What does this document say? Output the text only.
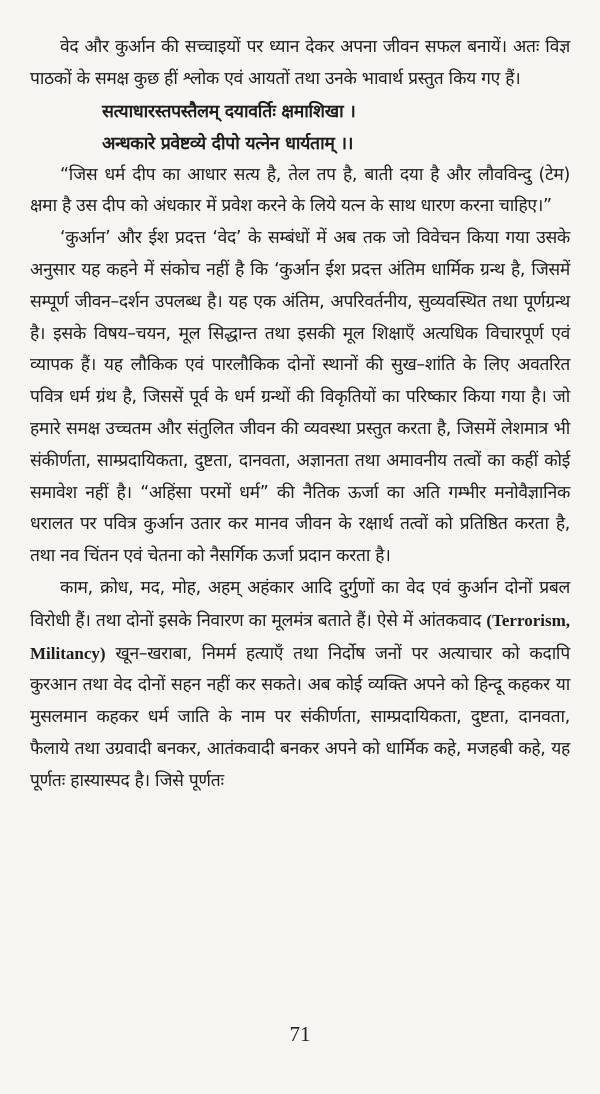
वेद और कुर्आन की सच्चाइयों पर ध्यान देकर अपना जीवन सफल बनायें। अतः विज्ञ पाठकों के समक्ष कुछ हीं श्लोक एवं आयतों तथा उनके भावार्थ प्रस्तुत किय गए हैं।

सत्याधारस्तपस्तैलम् दयावर्तिः क्षमाशिखा ।

अन्धकारे प्रवेष्टव्ये दीपो यत्नेन धार्यताम् ।।

“जिस धर्म दीप का आधार सत्य है, तेल तप है, बाती दया है और लौवविन्दु (टेम) क्षमा है उस दीप को अंधकार में प्रवेश करने के लिये यत्न के साथ धारण करना चाहिए।”

‘कुर्आन’ और ईश प्रदत्त ‘वेद’ के सम्बंधों में अब तक जो विवेचन किया गया उसके अनुसार यह कहने में संकोच नहीं है कि ‘कुर्आन ईश प्रदत्त अंतिम धार्मिक ग्रन्थ है, जिसमें सम्पूर्ण जीवन–दर्शन उपलब्ध है। यह एक अंतिम, अपरिवर्तनीय, सुव्यवस्थित तथा पूर्णग्रन्थ है। इसके विषय–चयन, मूल सिद्धान्त तथा इसकी मूल शिक्षाएँ अत्यधिक विचारपूर्ण एवं व्यापक हैं। यह लौकिक एवं पारलौकिक दोनों स्थानों की सुख–शांति के लिए अवतरित पवित्र धर्म ग्रंथ है, जिससें पूर्व के धर्म ग्रन्थों की विकृतियों का परिष्कार किया गया है। जो हमारे समक्ष उच्चतम और संतुलित जीवन की व्यवस्था प्रस्तुत करता है, जिसमें लेशमात्र भी संकीर्णता, साम्प्रदायिकता, दुष्टता, दानवता, अज्ञानता तथा अमावनीय तत्वों का कहीं कोई समावेश नहीं है। “अहिंसा परमों धर्म” की नैतिक ऊर्जा का अति गम्भीर मनोवैज्ञानिक धरालत पर पवित्र कुर्आन उतार कर मानव जीवन के रक्षार्थ तत्वों को प्रतिष्ठित करता है, तथा नव चिंतन एवं चेतना को नैसर्गिक ऊर्जा प्रदान करता है।

काम, क्रोध, मद, मोह, अहम् अहंकार आदि दुर्गुणों का वेद एवं कुर्आन दोनों प्रबल विरोधी हैं। तथा दोनों इसके निवारण का मूलमंत्र बताते हैं। ऐसे में आंतकवाद (Terrorism, Militancy) खून–खराबा, निमर्म हत्याएँ तथा निर्दोष जनों पर अत्याचार को कदापि कुरआन तथा वेद दोनों सहन नहीं कर सकते। अब कोई व्यक्ति अपने को हिन्दू कहकर या मुसलमान कहकर धर्म जाति के नाम पर संकीर्णता, साम्प्रदायिकता, दुष्टता, दानवता, फैलाये तथा उग्रवादी बनकर, आतंकवादी बनकर अपने को धार्मिक कहे, मजहबी कहे, यह पूर्णतः हास्यास्पद है। जिसे पूर्णतः

71
